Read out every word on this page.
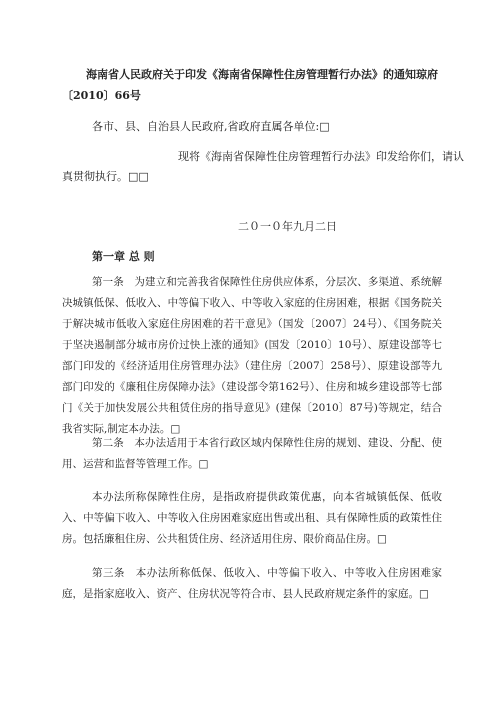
海南省人民政府关于印发《海南省保障性住房管理暂行办法》的通知琼府
〔2010〕66号
各市、县、自治县人民政府,省政府直属各单位:□
现将《海南省保障性住房管理暂行办法》印发给你们，请认
真贯彻执行。□□
二０一０年九月二日
第一章 总 则
第一条　为建立和完善我省保障性住房供应体系，分层次、多渠道、系统解决城镇低保、低收入、中等偏下收入、中等收入家庭的住房困难，根据《国务院关于解决城市低收入家庭住房困难的若干意见》（国发〔2007〕24号）、《国务院关于坚决遏制部分城市房价过快上涨的通知》(国发〔2010〕10号）、原建设部等七部门印发的《经济适用住房管理办法》（建住房〔2007〕258号）、原建设部等九部门印发的《廉租住房保障办法》（建设部令第162号）、住房和城乡建设部等七部门《关于加快发展公共租赁住房的指导意见》(建保〔2010〕87号)等规定，结合我省实际,制定本办法。□
第二条　本办法适用于本省行政区域内保障性住房的规划、建设、分配、使用、运营和监督等管理工作。□
本办法所称保障性住房，是指政府提供政策优惠，向本省城镇低保、低收入、中等偏下收入、中等收入住房困难家庭出售或出租、具有保障性质的政策性住房。包括廉租住房、公共租赁住房、经济适用住房、限价商品住房。□
第三条　本办法所称低保、低收入、中等偏下收入、中等收入住房困难家庭，是指家庭收入、资产、住房状况等符合市、县人民政府规定条件的家庭。□
